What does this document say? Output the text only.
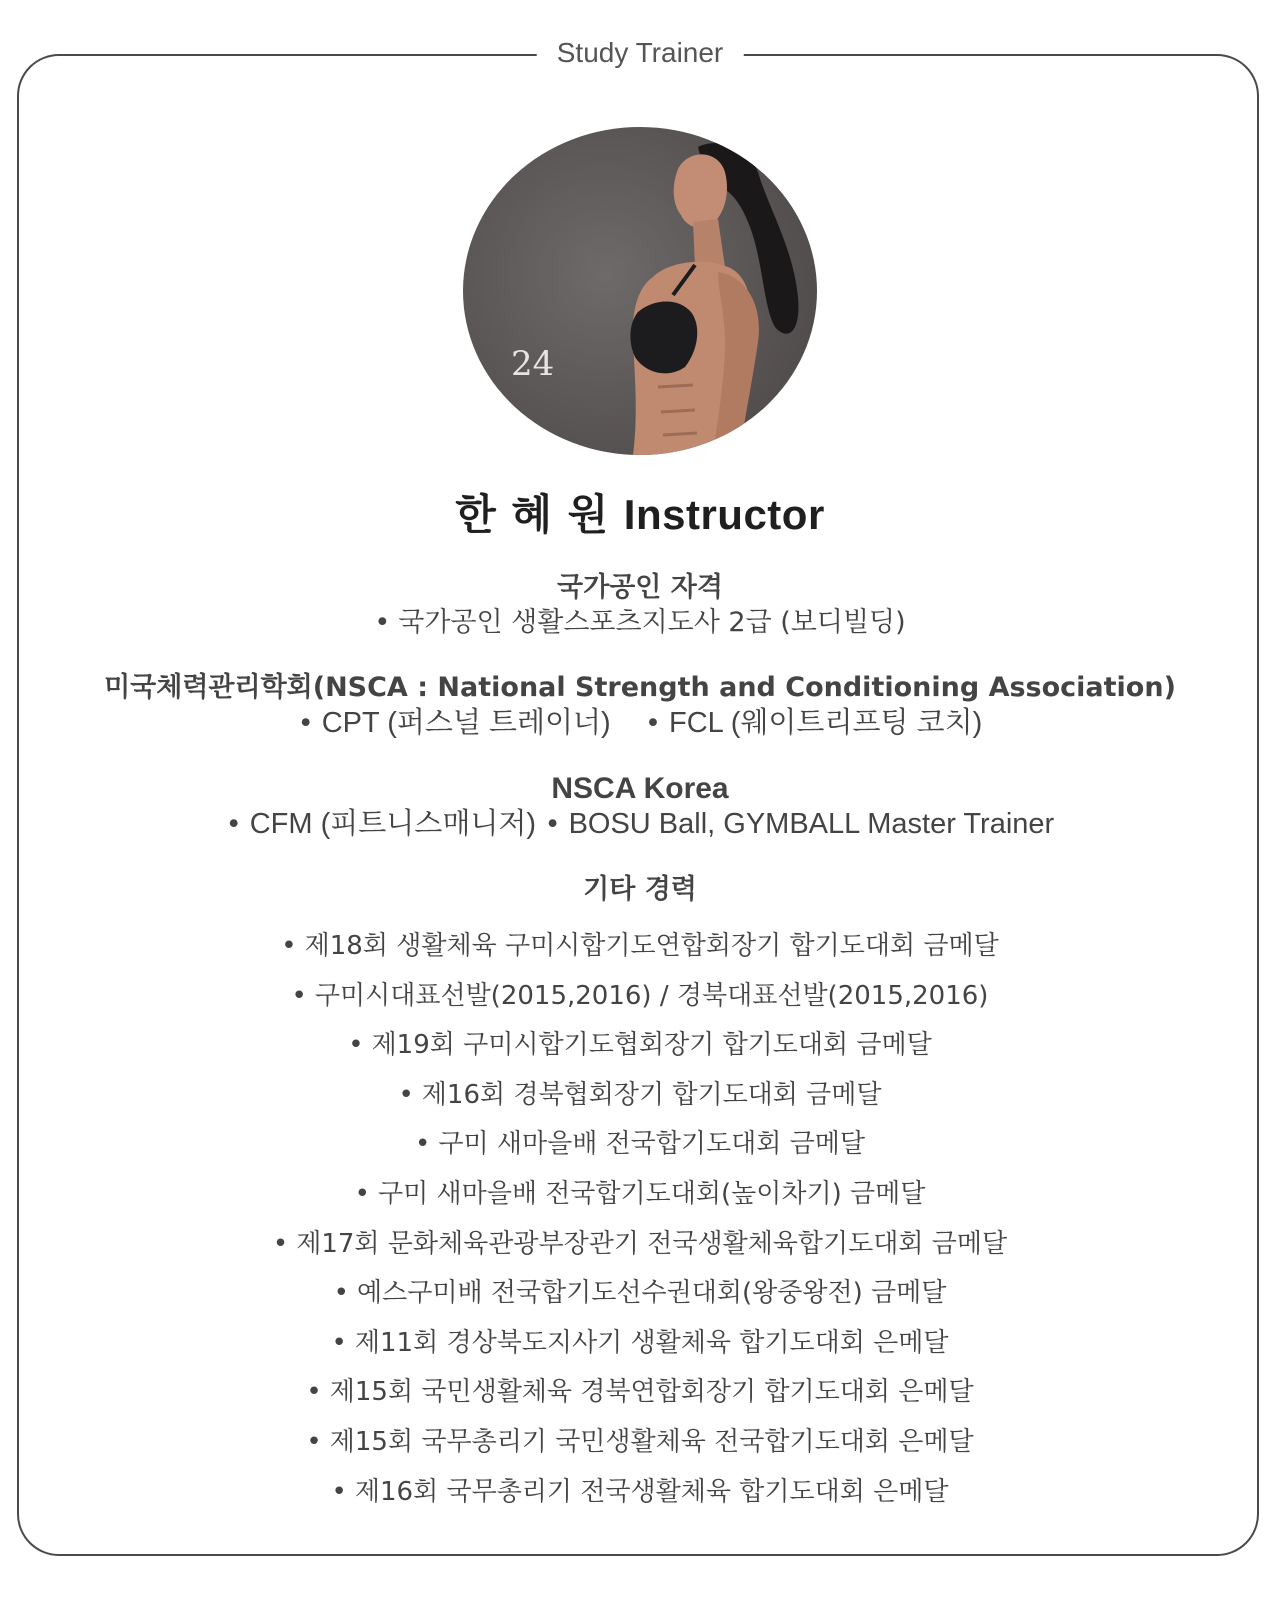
Study Trainer
24
한 혜 원 Instructor

국가공인 자격

• 국가공인 생활스포츠지도사 2급 (보디빌딩)

미국체력관리학회(NSCA : National Strength and Conditioning Association)

• CPT (퍼스널 트레이너) • FCL (웨이트리프팅 코치)

NSCA Korea

• CFM (피트니스매니저) • BOSU Ball, GYMBALL Master Trainer

기타 경력

• 제18회 생활체육 구미시합기도연합회장기 합기도대회 금메달
• 구미시대표선발(2015,2016) / 경북대표선발(2015,2016)
• 제19회 구미시합기도협회장기 합기도대회 금메달
• 제16회 경북협회장기 합기도대회 금메달
• 구미 새마을배 전국합기도대회 금메달
• 구미 새마을배 전국합기도대회(높이차기) 금메달
• 제17회 문화체육관광부장관기 전국생활체육합기도대회 금메달
• 예스구미배 전국합기도선수권대회(왕중왕전) 금메달
• 제11회 경상북도지사기 생활체육 합기도대회 은메달
• 제15회 국민생활체육 경북연합회장기 합기도대회 은메달
• 제15회 국무총리기 국민생활체육 전국합기도대회 은메달
• 제16회 국무총리기 전국생활체육 합기도대회 은메달
